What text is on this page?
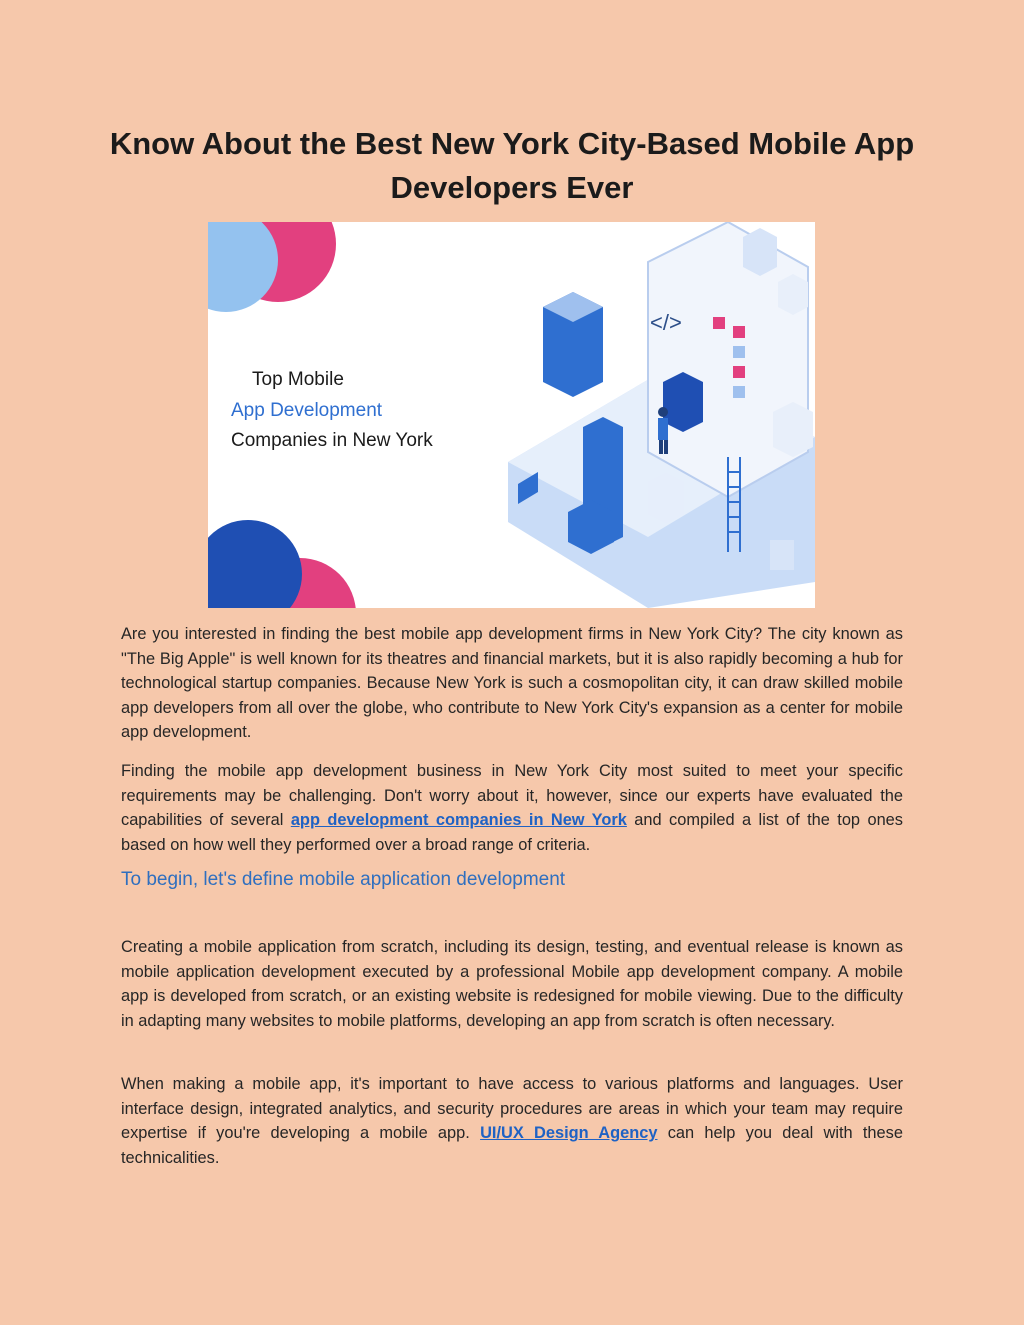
Know About the Best New York City-Based Mobile App Developers Ever
</>
Top Mobile
App Development
Companies in New York

Are you interested in finding the best mobile app development firms in New York City? The city known as "The Big Apple" is well known for its theatres and financial markets, but it is also rapidly becoming a hub for technological startup companies. Because New York is such a cosmopolitan city, it can draw skilled mobile app developers from all over the globe, who contribute to New York City's expansion as a center for mobile app development.

Finding the mobile app development business in New York City most suited to meet your specific requirements may be challenging. Don't worry about it, however, since our experts have evaluated the capabilities of several app development companies in New York and compiled a list of the top ones based on how well they performed over a broad range of criteria.

To begin, let's define mobile application development

Creating a mobile application from scratch, including its design, testing, and eventual release is known as mobile application development executed by a professional Mobile app development company. A mobile app is developed from scratch, or an existing website is redesigned for mobile viewing. Due to the difficulty in adapting many websites to mobile platforms, developing an app from scratch is often necessary.

When making a mobile app, it's important to have access to various platforms and languages. User interface design, integrated analytics, and security procedures are areas in which your team may require expertise if you're developing a mobile app. UI/UX Design Agency can help you deal with these technicalities.
